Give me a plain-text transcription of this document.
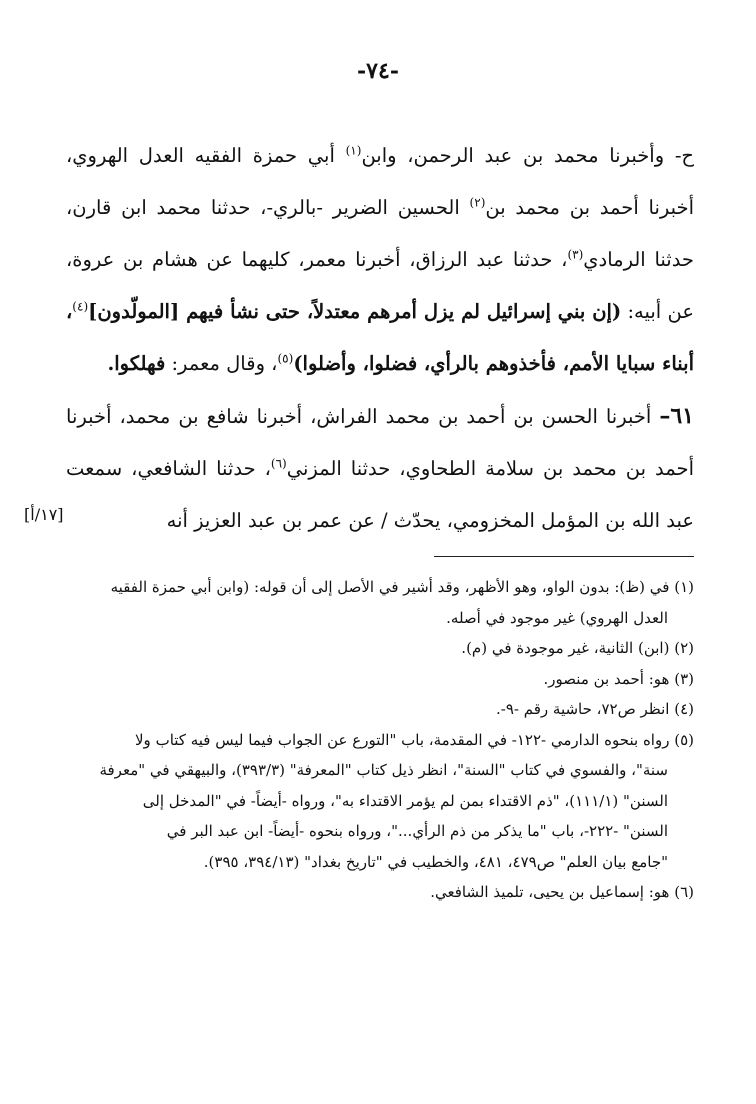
-٧٤-

ح- وأخبرنا محمد بن عبد الرحمن، وابن$^{(١)}$ أبي حمزة الفقيه العدل الهروي، أخبرنا أحمد بن محمد بن$^{(٢)}$ الحسين الضرير -بالري-، حدثنا محمد ابن قارن، حدثنا الرمادي$^{(٣)}$، حدثنا عبد الرزاق، أخبرنا معمر، كليهما عن هشام بن عروة، عن أبيه: (إن بني إسرائيل لم يزل أمرهم معتدلاً، حتى نشأ فيهم [المولّدون]$^{(٤)}$، أبناء سبايا الأمم، فأخذوهم بالرأي، فضلوا، وأضلوا)$^{(٥)}$، وقال معمر: فهلكوا.

٦١– أخبرنا الحسن بن أحمد بن محمد الفراش، أخبرنا شافع بن محمد، أخبرنا أحمد بن محمد بن سلامة الطحاوي، حدثنا المزني$^{(٦)}$، حدثنا الشافعي، سمعت عبد الله بن المؤمل المخزومي، يحدّث / عن عمر بن عبد العزيز أنه

[١٧/أ]

(١) في (ظ): بدون الواو، وهو الأظهر، وقد أشير في الأصل إلى أن قوله: (وابن أبي حمزة الفقيه

العدل الهروي) غير موجود في أصله.

(٢) (ابن) الثانية، غير موجودة في (م).

(٣) هو: أحمد بن منصور.

(٤) انظر ص٧٢، حاشية رقم -٩-.

(٥) رواه بنحوه الدارمي -١٢٢- في المقدمة، باب "التورع عن الجواب فيما ليس فيه كتاب ولا

سنة"، والفسوي في كتاب "السنة"، انظر ذيل كتاب "المعرفة" (٣٩٣/٣)، والبيهقي في "معرفة

السنن" (١١١/١)، "ذم الاقتداء بمن لم يؤمر الاقتداء به"، ورواه -أيضاً- في "المدخل إلى

السنن" -٢٢٢-، باب "ما يذكر من ذم الرأي..."، ورواه بنحوه -أيضاً- ابن عبد البر في

"جامع بيان العلم" ص٤٧٩، ٤٨١، والخطيب في "تاريخ بغداد" (٣٩٤/١٣، ٣٩٥).

(٦) هو: إسماعيل بن يحيى، تلميذ الشافعي.
